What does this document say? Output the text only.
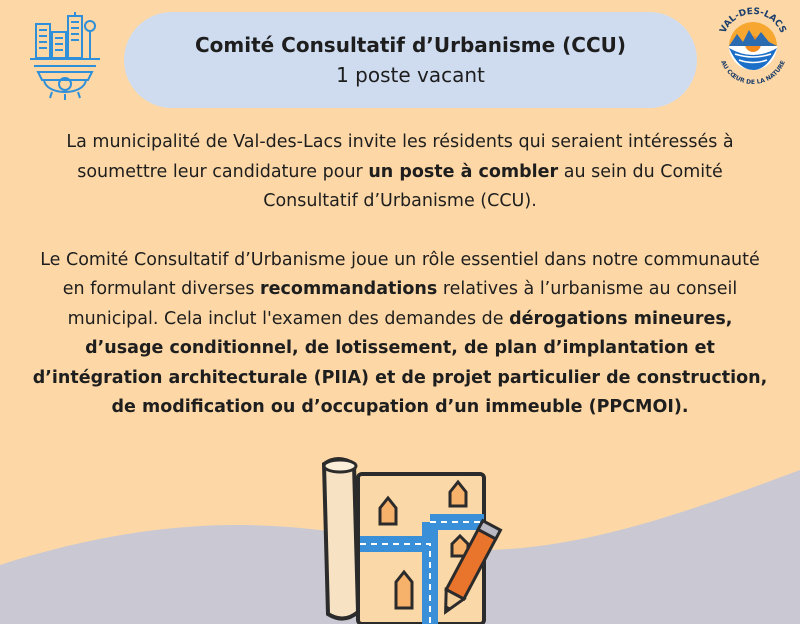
VAL-DES-LACS
AU CŒUR DE LA NATURE
Comité Consultatif d’Urbanisme (CCU)
1 poste vacant

La municipalité de Val-des-Lacs invite les résidents qui seraient intéressés à soumettre leur candidature pour un poste à combler au sein du Comité Consultatif d’Urbanisme (CCU).

Le Comité Consultatif d’Urbanisme joue un rôle essentiel dans notre communauté en formulant diverses recommandations relatives à l’urbanisme au conseil municipal. Cela inclut l'examen des demandes de dérogations mineures, d’usage conditionnel, de lotissement, de plan d’implantation et d’intégration architecturale (PIIA) et de projet particulier de construction, de modification ou d’occupation d’un immeuble (PPCMOI).
